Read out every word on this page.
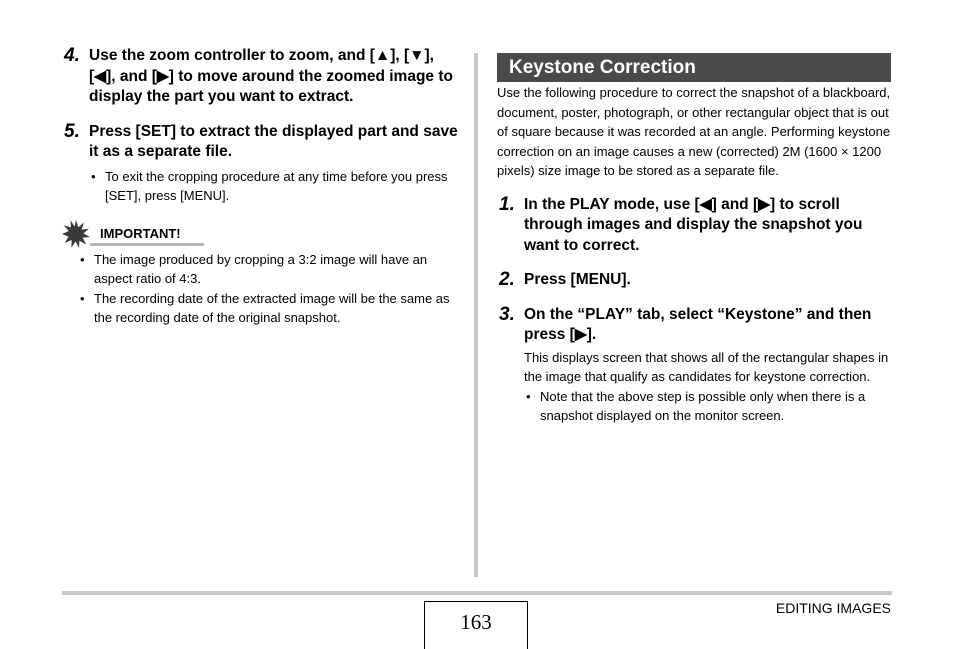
4. Use the zoom controller to zoom, and [▲], [▼], [◀], and [▶] to move around the zoomed image to display the part you want to extract.
5. Press [SET] to extract the displayed part and save it as a separate file.
• To exit the cropping procedure at any time before you press [SET], press [MENU].
IMPORTANT!
• The image produced by cropping a 3:2 image will have an aspect ratio of 4:3.
• The recording date of the extracted image will be the same as the recording date of the original snapshot.
Keystone Correction
Use the following procedure to correct the snapshot of a blackboard, document, poster, photograph, or other rectangular object that is out of square because it was recorded at an angle. Performing keystone correction on an image causes a new (corrected) 2M (1600 × 1200 pixels) size image to be stored as a separate file.
1. In the PLAY mode, use [◀] and [▶] to scroll through images and display the snapshot you want to correct.
2. Press [MENU].
3. On the “PLAY” tab, select “Keystone” and then press [▶].
This displays screen that shows all of the rectangular shapes in the image that qualify as candidates for keystone correction.
• Note that the above step is possible only when there is a snapshot displayed on the monitor screen.
163
EDITING IMAGES
